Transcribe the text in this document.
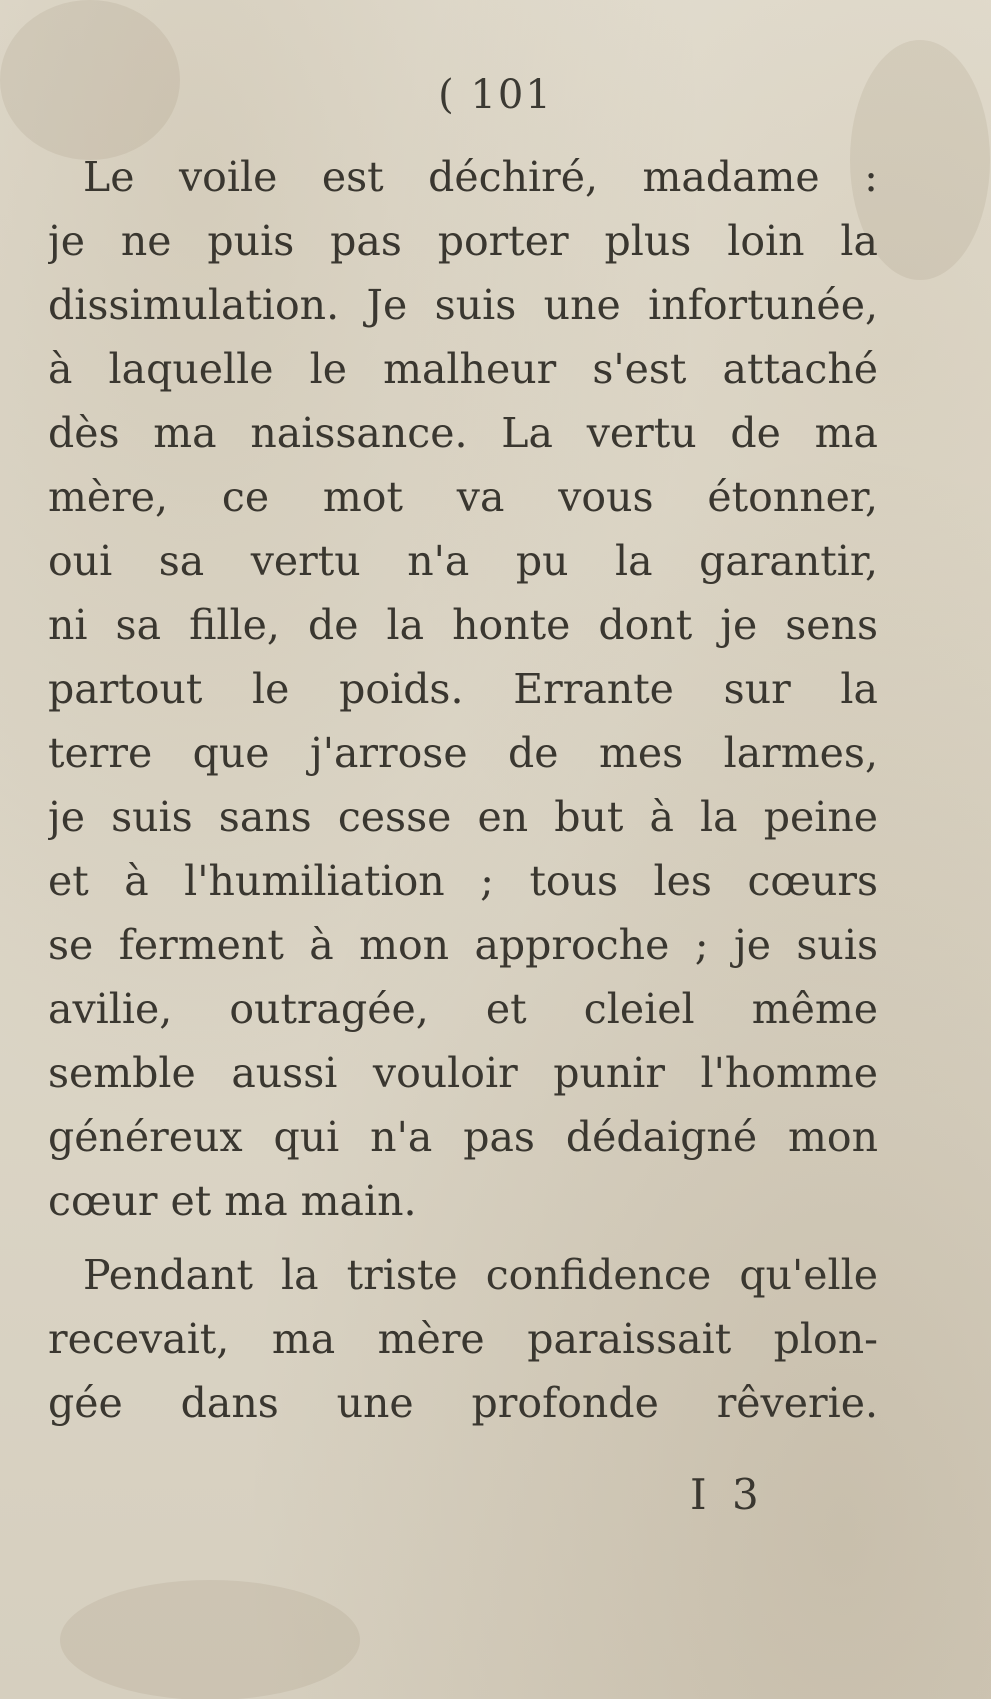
( 101
Le voile est déchiré, madame :
je ne puis pas porter plus loin la
dissimulation. Je suis une infortunée,
à laquelle le malheur s'est attaché
dès ma naissance. La vertu de ma
mère, ce mot va vous étonner,
oui sa vertu n'a pu la garantir,
ni sa fille, de la honte dont je sens
partout le poids. Errante sur la
terre que j'arrose de mes larmes,
je suis sans cesse en but à la peine
et à l'humiliation ; tous les cœurs
se ferment à mon approche ; je suis
avilie, outragée, et cleiel même
semble aussi vouloir punir l'homme
généreux qui n'a pas dédaigné mon
cœur et ma main.
Pendant la triste confidence qu'elle
recevait, ma mère paraissait plon-
gée dans une profonde rêverie.
I 3
